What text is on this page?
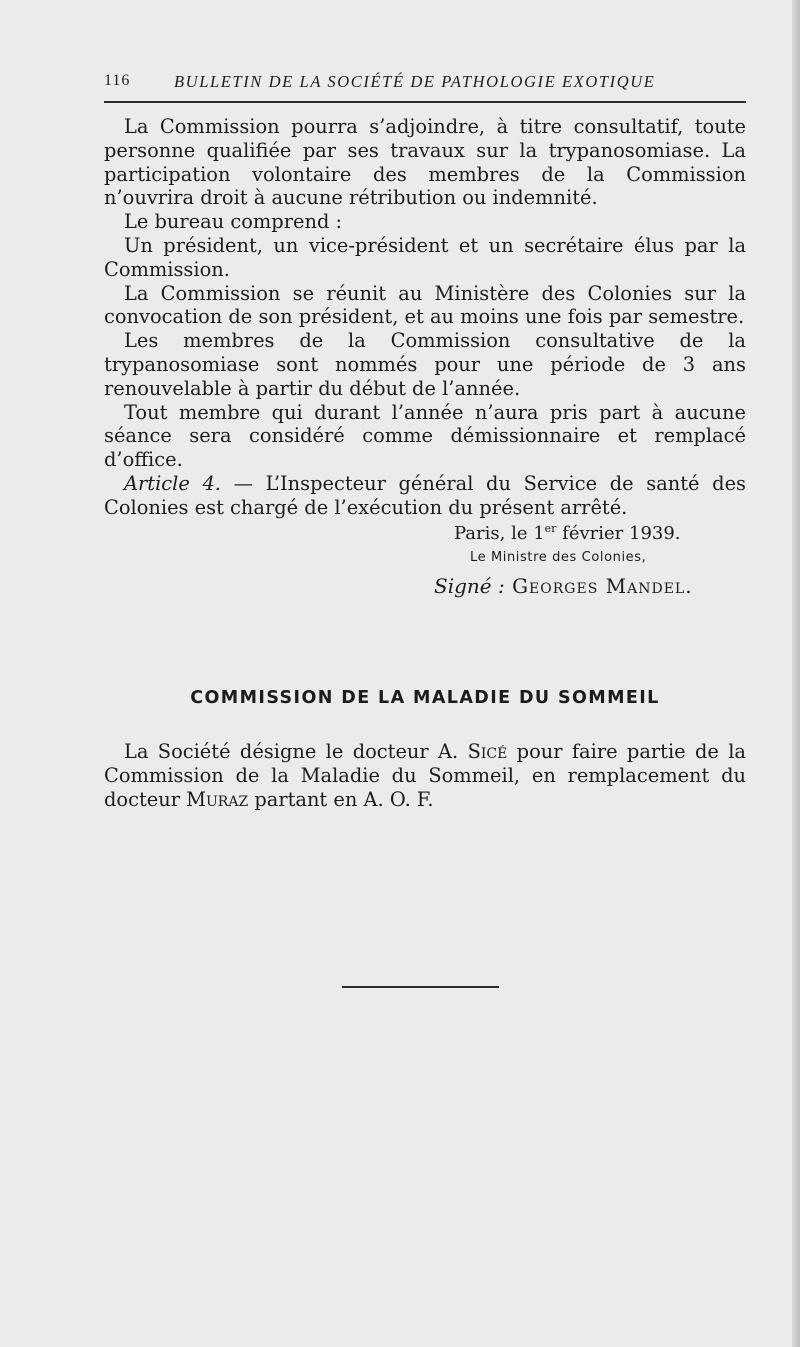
116	BULLETIN DE LA SOCIÉTÉ DE PATHOLOGIE EXOTIQUE

La Commission pourra s’adjoindre, à titre consultatif, toute personne qualifiée par ses travaux sur la trypanosomiase. La participation volontaire des membres de la Commission n’ouvrira droit à aucune rétribution ou indemnité.

Le bureau comprend :

Un président, un vice-président et un secrétaire élus par la Commission.

La Commission se réunit au Ministère des Colonies sur la convocation de son président, et au moins une fois par semestre.

Les membres de la Commission consultative de la trypanosomiase sont nommés pour une période de 3 ans renouvelable à partir du début de l’année.

Tout membre qui durant l’année n’aura pris part à aucune séance sera considéré comme démissionnaire et remplacé d’office.

Article 4. — L’Inspecteur général du Service de santé des Colonies est chargé de l’exécution du présent arrêté.

Paris, le 1er février 1939.
Le Ministre des Colonies,
Signé : Georges Mandel.
COMMISSION DE LA MALADIE DU SOMMEIL

La Société désigne le docteur A. Sicé pour faire partie de la Commission de la Maladie du Sommeil, en remplacement du docteur Muraz partant en A. O. F.
